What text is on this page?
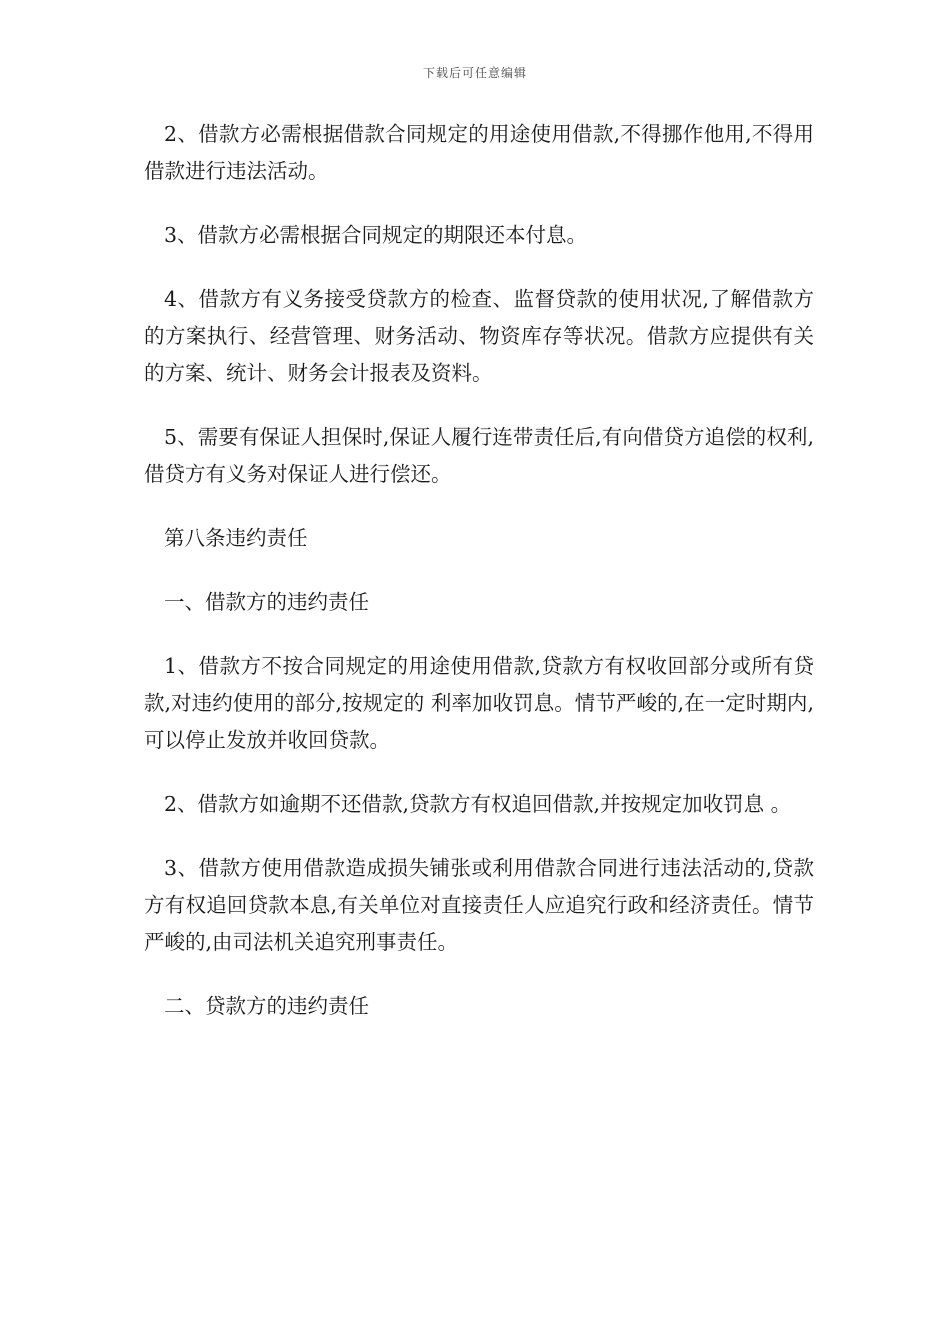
下载后可任意编辑

2、借款方必需根据借款合同规定的用途使用借款,不得挪作他用,不得用借款进行违法活动。

3、借款方必需根据合同规定的期限还本付息。

4、借款方有义务接受贷款方的检查、监督贷款的使用状况,了解借款方的方案执行、经营管理、财务活动、物资库存等状况。借款方应提供有关的方案、统计、财务会计报表及资料。

5、需要有保证人担保时,保证人履行连带责任后,有向借贷方追偿的权利,借贷方有义务对保证人进行偿还。

第八条违约责任

一、借款方的违约责任

1、借款方不按合同规定的用途使用借款,贷款方有权收回部分或所有贷款,对违约使用的部分,按规定的 利率加收罚息。情节严峻的,在一定时期内,可以停止发放并收回贷款。

2、借款方如逾期不还借款,贷款方有权追回借款,并按规定加收罚息 。

3、借款方使用借款造成损失铺张或利用借款合同进行违法活动的,贷款方有权追回贷款本息,有关单位对直接责任人应追究行政和经济责任。情节严峻的,由司法机关追究刑事责任。

二、贷款方的违约责任
